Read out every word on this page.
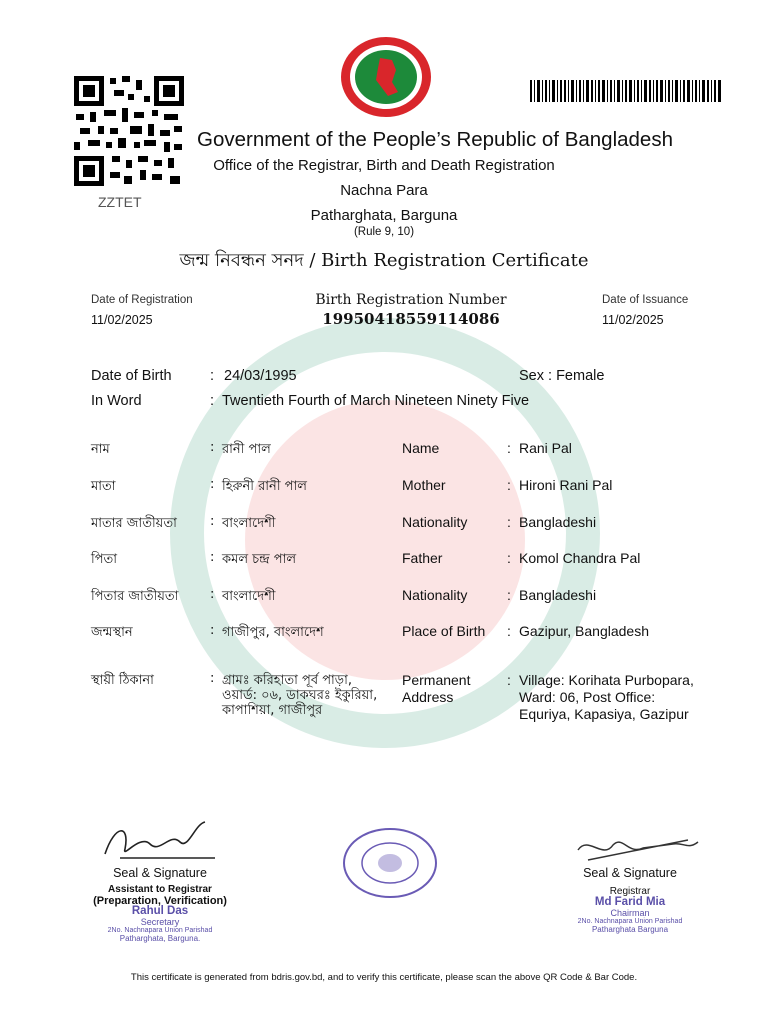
ZZTET
Government of the People’s Republic of Bangladesh
Office of the Registrar, Birth and Death Registration
Nachna Para
Patharghata, Barguna
(Rule 9, 10)
জন্ম নিবন্ধন সনদ / Birth Registration Certificate
Date of Registration
11/02/2025
Birth Registration Number
19950418559114086
Date of Issuance
11/02/2025
Date of Birth	: 24/03/1995	Sex : Female
In Word	: Twentieth Fourth of March Nineteen Ninety Five
নাম	: রানী পাল	Name	: Rani Pal
মাতা	: হিরুনী রানী পাল	Mother	: Hironi Rani Pal
মাতার জাতীয়তা	: বাংলাদেশী	Nationality	: Bangladeshi
পিতা	: কমল চন্দ্র পাল	Father	: Komol Chandra Pal
পিতার জাতীয়তা : বাংলাদেশী	Nationality	: Bangladeshi
জন্মস্থান	: গাজীপুর, বাংলাদেশ	Place of Birth : Gazipur, Bangladesh
স্থায়ী ঠিকানা	: গ্রামঃ করিহাতা পূর্ব পাড়া,
ওয়ার্ড: ০৬, ডাকঘরঃ ইকুরিয়া,
কাপাশিয়া, গাজীপুর
Permanent
Address
: Village: Korihata Purbopara,
Ward: 06, Post Office:
Equriya, Kapasiya, Gazipur
Seal & Signature
Assistant to Registrar
(Preparation, Verification)
Rahul Das
Secretary
2No. Nachnapara Union Parishad
Patharghata, Barguna.
Seal & Signature
Registrar
Md Farid Mia
Chairman
2No. Nachnapara Union Parishad
Patharghata Barguna
This certificate is generated from bdris.gov.bd, and to verify this certificate, please scan the above QR Code & Bar Code.
